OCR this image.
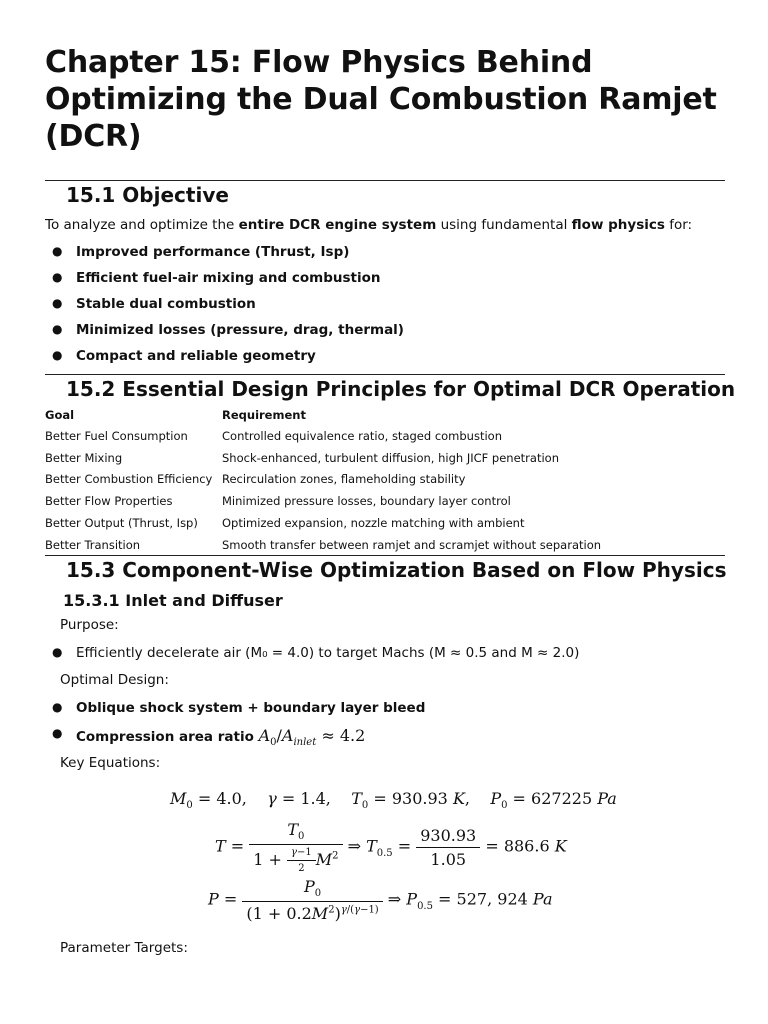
Chapter 15: Flow Physics Behind Optimizing the Dual Combustion Ramjet (DCR)
15.1 Objective
To analyze and optimize the entire DCR engine system using fundamental flow physics for:
● Improved performance (Thrust, Isp)
● Efficient fuel-air mixing and combustion
● Stable dual combustion
● Minimized losses (pressure, drag, thermal)
● Compact and reliable geometry
15.2 Essential Design Principles for Optimal DCR Operation
Goal	Requirement
Better Fuel Consumption	Controlled equivalence ratio, staged combustion
Better Mixing	Shock-enhanced, turbulent diffusion, high JICF penetration
Better Combustion Efficiency	Recirculation zones, flameholding stability
Better Flow Properties	Minimized pressure losses, boundary layer control
Better Output (Thrust, Isp)	Optimized expansion, nozzle matching with ambient
Better Transition	Smooth transfer between ramjet and scramjet without separation
15.3 Component-Wise Optimization Based on Flow Physics
15.3.1 Inlet and Diffuser
Purpose:
● Efficiently decelerate air (M₀ = 4.0) to target Machs (M ≈ 0.5 and M ≈ 2.0)
Optimal Design:
● Oblique shock system + boundary layer bleed
● Compression area ratio $A_0/A_{inlet} \approx 4.2$
Key Equations:
$M_0 = 4.0$,    γ = 1.4,    $T_0 = 930.93$ K,    $P_0 = 627225$ Pa
$T = \frac{T_0}{1 + \frac{\gamma-1}{2} M^2}$ ⇒ $T_{0.5} = \frac{930.93}{1.05} = 886.6$ K
$P = \frac{P_0}{(1 + 0.2M^2)^{\gamma/(\gamma-1)}}$ ⇒ $P_{0.5} = 527$, 924 Pa
Parameter Targets:
